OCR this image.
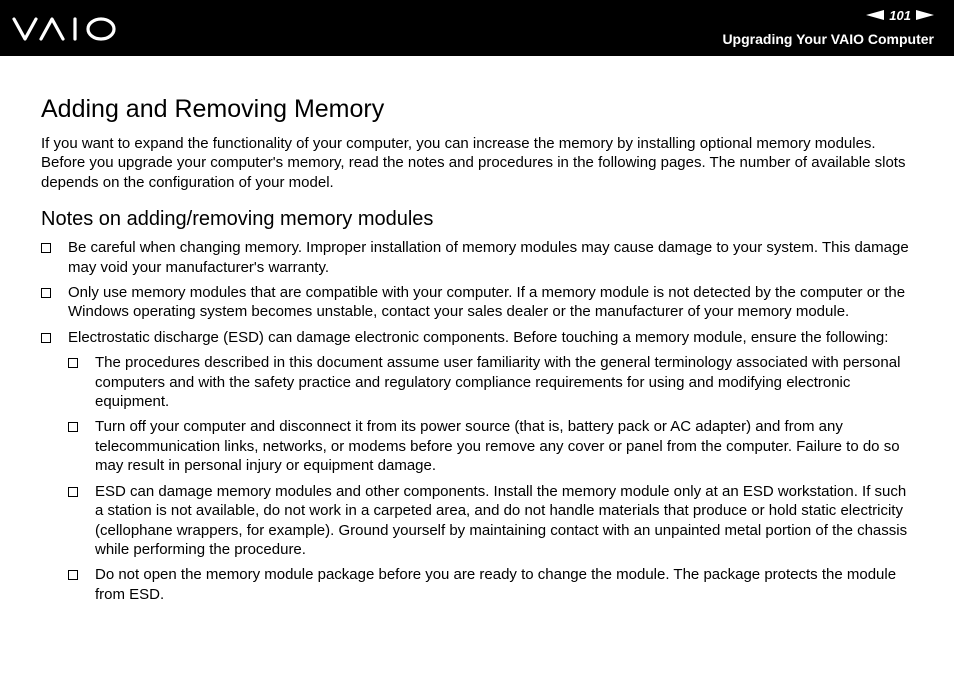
101
Upgrading Your VAIO Computer
Adding and Removing Memory

If you want to expand the functionality of your computer, you can increase the memory by installing optional memory modules. Before you upgrade your computer's memory, read the notes and procedures in the following pages. The number of available slots depends on the configuration of your model.

Notes on adding/removing memory modules
Be careful when changing memory. Improper installation of memory modules may cause damage to your system. This damage may void your manufacturer's warranty.
Only use memory modules that are compatible with your computer. If a memory module is not detected by the computer or the Windows operating system becomes unstable, contact your sales dealer or the manufacturer of your memory module.
Electrostatic discharge (ESD) can damage electronic components. Before touching a memory module, ensure the following:
The procedures described in this document assume user familiarity with the general terminology associated with personal computers and with the safety practice and regulatory compliance requirements for using and modifying electronic equipment.
Turn off your computer and disconnect it from its power source (that is, battery pack or AC adapter) and from any telecommunication links, networks, or modems before you remove any cover or panel from the computer. Failure to do so may result in personal injury or equipment damage.
ESD can damage memory modules and other components. Install the memory module only at an ESD workstation. If such a station is not available, do not work in a carpeted area, and do not handle materials that produce or hold static electricity (cellophane wrappers, for example). Ground yourself by maintaining contact with an unpainted metal portion of the chassis while performing the procedure.
Do not open the memory module package before you are ready to change the module. The package protects the module from ESD.
